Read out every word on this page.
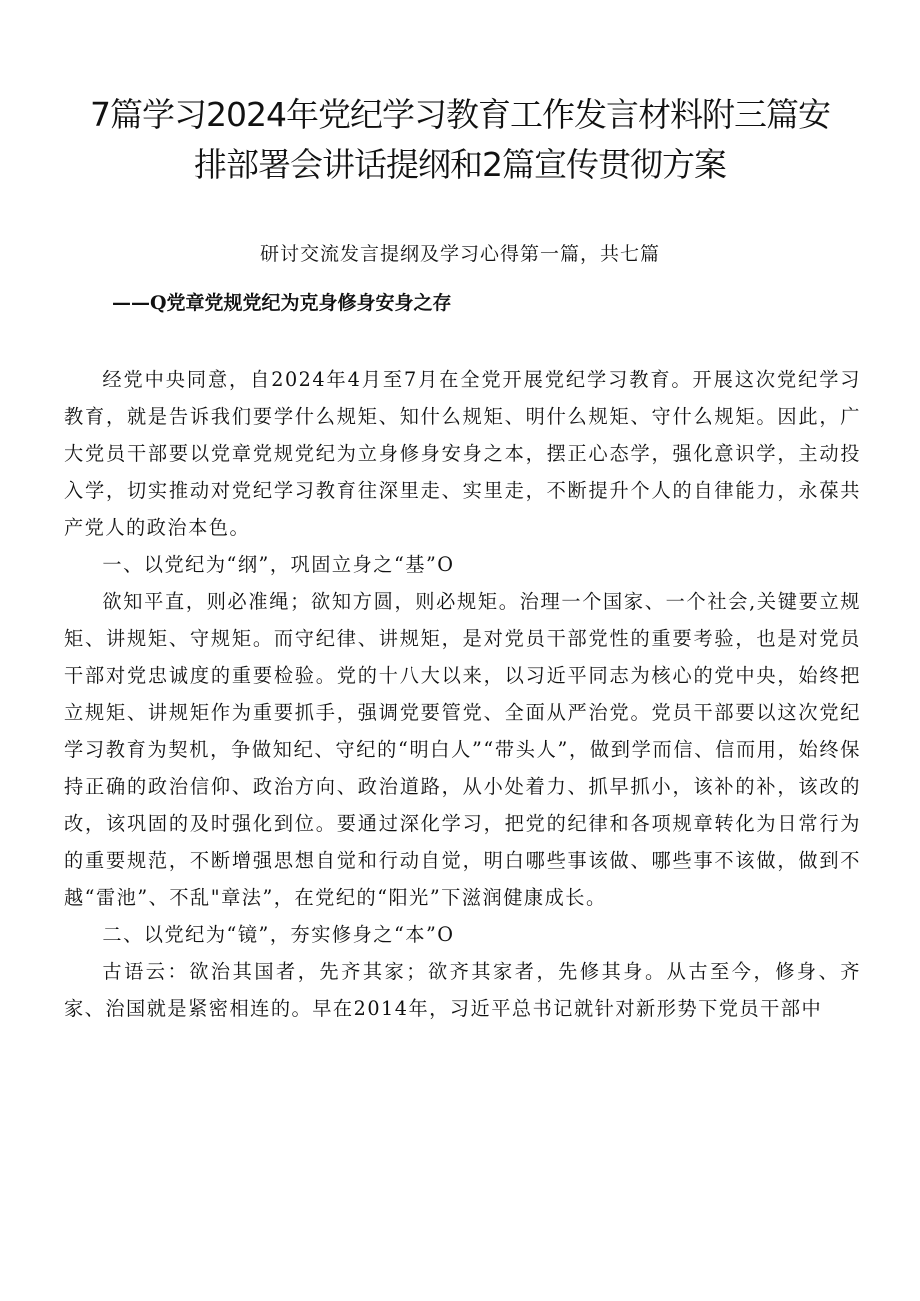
7篇学习2024年党纪学习教育工作发言材料附三篇安
排部署会讲话提纲和2篇宣传贯彻方案

研讨交流发言提纲及学习心得第一篇，共七篇

——Q党章党规党纪为克身修身安身之存

经党中央同意，自2024年4月至7月在全党开展党纪学习教育。开展这次党纪学习教育，就是告诉我们要学什么规矩、知什么规矩、明什么规矩、守什么规矩。因此，广大党员干部要以党章党规党纪为立身修身安身之本，摆正心态学，强化意识学，主动投入学，切实推动对党纪学习教育往深里走、实里走，不断提升个人的自律能力，永葆共产党人的政治本色。

一、以党纪为“纲”，巩固立身之“基”O

欲知平直，则必准绳；欲知方圆，则必规矩。治理一个国家、一个社会,关键要立规矩、讲规矩、守规矩。而守纪律、讲规矩，是对党员干部党性的重要考验，也是对党员干部对党忠诚度的重要检验。党的十八大以来，以习近平同志为核心的党中央，始终把立规矩、讲规矩作为重要抓手，强调党要管党、全面从严治党。党员干部要以这次党纪学习教育为契机，争做知纪、守纪的“明白人”“带头人”，做到学而信、信而用，始终保持正确的政治信仰、政治方向、政治道路，从小处着力、抓早抓小，该补的补，该改的改，该巩固的及时强化到位。要通过深化学习，把党的纪律和各项规章转化为日常行为的重要规范，不断增强思想自觉和行动自觉，明白哪些事该做、哪些事不该做，做到不越“雷池”、不乱"章法”，在党纪的“阳光”下滋润健康成长。

二、以党纪为“镜”，夯实修身之“本”O

古语云：欲治其国者，先齐其家；欲齐其家者，先修其身。从古至今，修身、齐家、治国就是紧密相连的。早在2014年，习近平总书记就针对新形势下党员干部中
